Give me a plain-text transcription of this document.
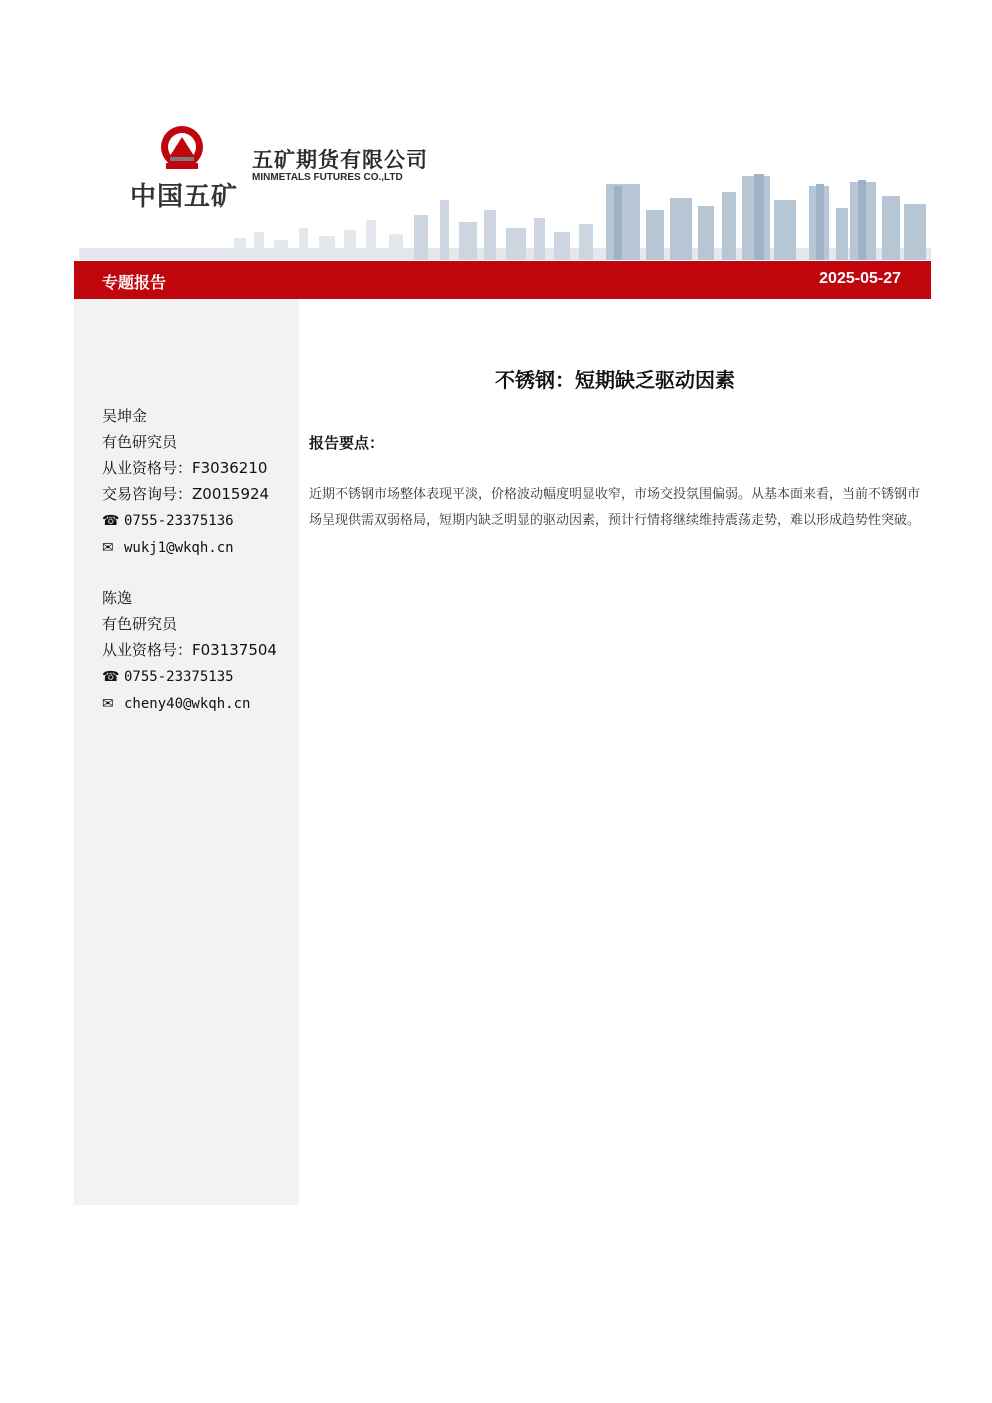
中国五矿
五矿期货有限公司
MINMETALS FUTURES CO.,LTD
专题报告	2025-05-27
吴坤金
有色研究员
从业资格号：F3036210
交易咨询号：Z0015924
☎ 0755-23375136
✉ wukj1@wkqh.cn
陈逸
有色研究员
从业资格号：F03137504
☎ 0755-23375135
✉ cheny40@wkqh.cn
不锈钢：短期缺乏驱动因素
报告要点：
近期不锈钢市场整体表现平淡，价格波动幅度明显收窄，市场交投氛围偏弱。从基本面来看，当前不锈钢市场呈现供需双弱格局，短期内缺乏明显的驱动因素，预计行情将继续维持震荡走势，难以形成趋势性突破。
